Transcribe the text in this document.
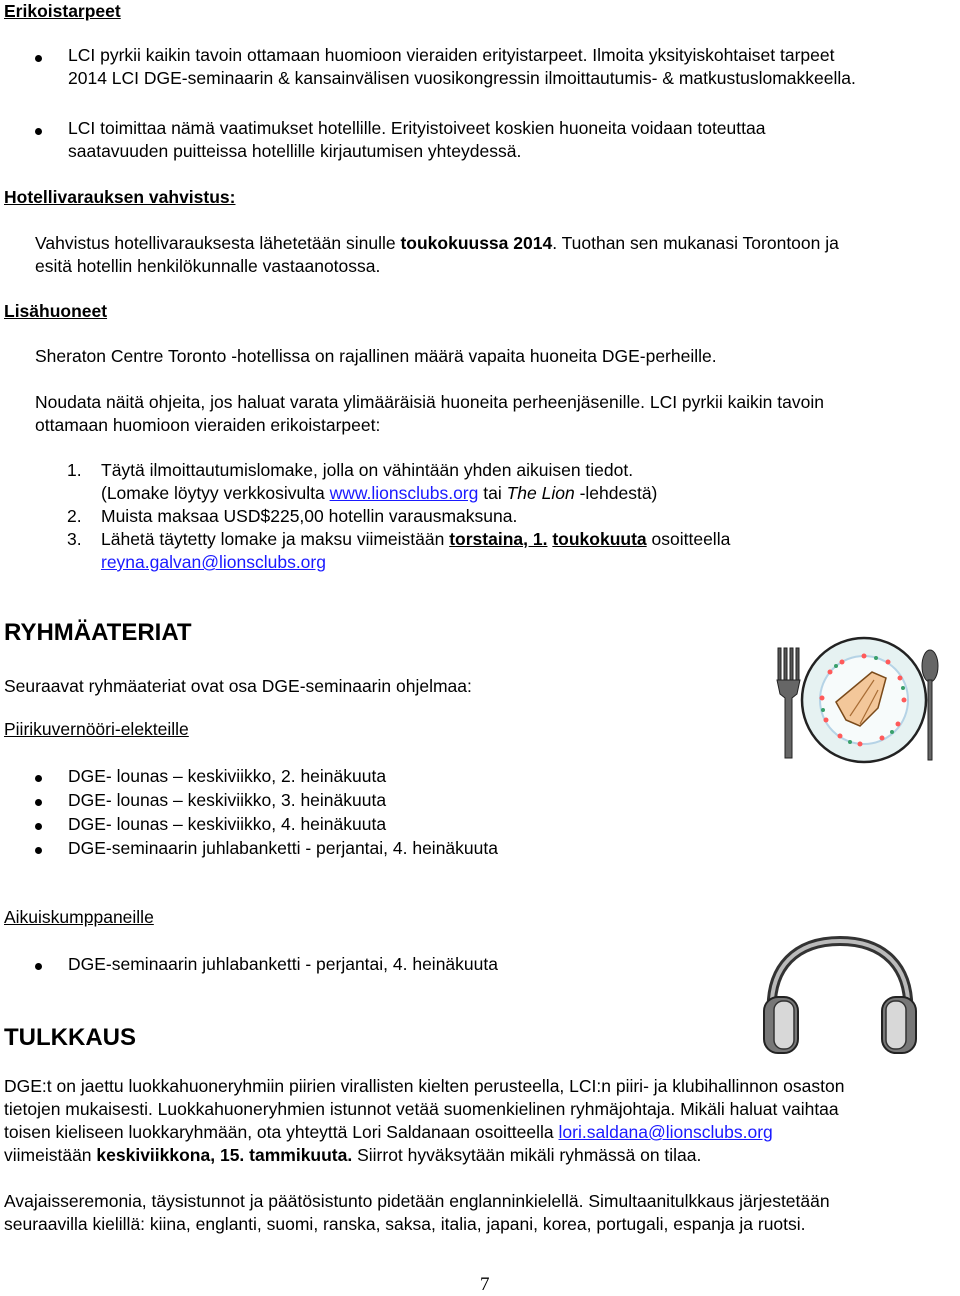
Erikoistarpeet
LCI pyrkii kaikin tavoin ottamaan huomioon vieraiden erityistarpeet. Ilmoita yksityiskohtaiset tarpeet
2014 LCI DGE-seminaarin & kansainvälisen vuosikongressin ilmoittautumis- & matkustuslomakkeella.
LCI toimittaa nämä vaatimukset hotellille. Erityistoiveet koskien huoneita voidaan toteuttaa
saatavuuden puitteissa hotellille kirjautumisen yhteydessä.
Hotellivarauksen vahvistus:
Vahvistus hotellivarauksesta lähetetään sinulle toukokuussa 2014. Tuothan sen mukanasi Torontoon ja
esitä hotellin henkilökunnalle vastaanotossa.
Lisähuoneet
Sheraton Centre Toronto -hotellissa on rajallinen määrä vapaita huoneita DGE-perheille.
Noudata näitä ohjeita, jos haluat varata ylimääräisiä huoneita perheenjäsenille. LCI pyrkii kaikin tavoin
ottamaan huomioon vieraiden erikoistarpeet:
1. Täytä ilmoittautumislomake, jolla on vähintään yhden aikuisen tiedot.
(Lomake löytyy verkkosivulta www.lionsclubs.org tai The Lion -lehdestä)
2. Muista maksaa USD$225,00 hotellin varausmaksuna.
3. Lähetä täytetty lomake ja maksu viimeistään torstaina, 1. toukokuuta osoitteella
reyna.galvan@lionsclubs.org
RYHMÄATERIAT
Seuraavat ryhmäateriat ovat osa DGE-seminaarin ohjelmaa:
Piirikuvernööri-elekteille
DGE- lounas – keskiviikko, 2. heinäkuuta
DGE- lounas – keskiviikko, 3. heinäkuuta
DGE- lounas – keskiviikko, 4. heinäkuuta
DGE-seminaarin juhlabanketti - perjantai, 4. heinäkuuta
Aikuiskumppaneille
DGE-seminaarin juhlabanketti - perjantai, 4. heinäkuuta
TULKKAUS
DGE:t on jaettu luokkahuoneryhmiin piirien virallisten kielten perusteella, LCI:n piiri- ja klubihallinnon osaston
tietojen mukaisesti. Luokkahuoneryhmien istunnot vetää suomenkielinen ryhmäjohtaja. Mikäli haluat vaihtaa
toisen kieliseen luokkaryhmään, ota yhteyttä Lori Saldanaan osoitteella lori.saldana@lionsclubs.org
viimeistään keskiviikkona, 15. tammikuuta. Siirrot hyväksytään mikäli ryhmässä on tilaa.
Avajaisseremonia, täysistunnot ja päätösistunto pidetään englanninkielellä. Simultaanitulkkaus järjestetään
seuraavilla kielillä: kiina, englanti, suomi, ranska, saksa, italia, japani, korea, portugali, espanja ja ruotsi.
7
